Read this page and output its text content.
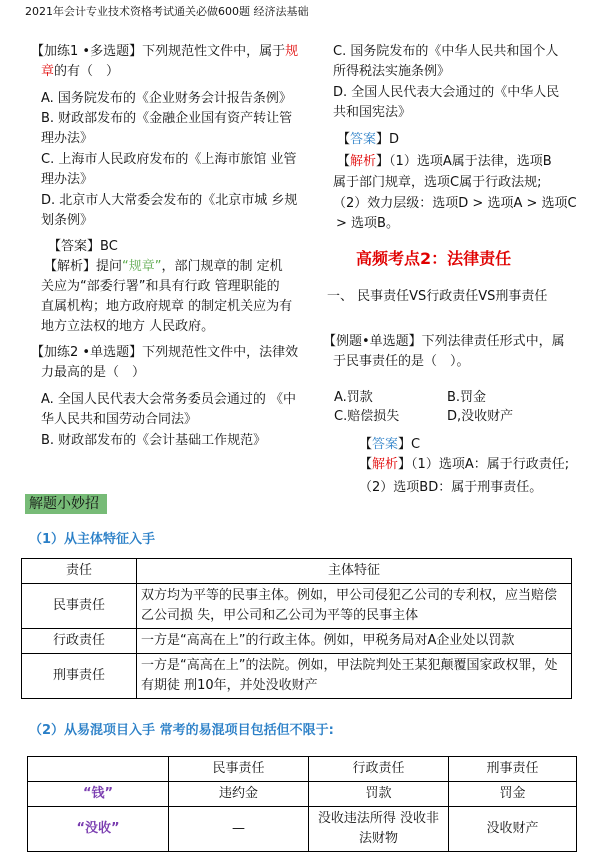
2021年会计专业技术资格考试通关必做600题 经济法基础
【加练1 •多选题】下列规范性文件中，属于规
章的有（　）
A. 国务院发布的《企业财务会计报告条例》
B. 财政部发布的《金融企业国有资产转让管
理办法》
C. 上海市人民政府发布的《上海市旅馆 业管
理办法》
D. 北京市人大常委会发布的《北京市城 乡规
划条例》
【答案】BC
【解析】提问“规章”，部门规章的制 定机
关应为“部委行署”和具有行政 管理职能的
直属机构；地方政府规章 的制定机关应为有
地方立法权的地方 人民政府。
【加练2 •单选题】下列规范性文件中，法律效
力最高的是（　）
A. 全国人民代表大会常务委员会通过的 《中
华人民共和国劳动合同法》
B. 财政部发布的《会计基础工作规范》
C. 国务院发布的《中华人民共和国个人
所得税法实施条例》
D. 全国人民代表大会通过的《中华人民
共和国宪法》
【答案】D
【解析】（1）选项A属于法律，选项B
属于部门规章，选项C属于行政法规;
（2）效力层级：选项D > 选项A > 选项C
> 选项B。
高频考点2：法律责任
一、 民事责任VS行政责任VS刑事责任
【例题•单选题】下列法律责任形式中，属
于民事责任的是（　）。
A.罚款	B.罚金
C.赔偿损失	D,没收财产
【答案】C
【解析】（1）选项A：属于行政责任;
（2）选项BD：属于刑事责任。
解题小妙招
（1）从主体特征入手
责任	主体特征
民事责任	双方均为平等的民事主体。例如，甲公司侵犯乙公司的专利权，应当赔偿乙公司损 失，甲公司和乙公司为平等的民事主体
行政责任	一方是“高高在上”的行政主体。例如，甲税务局对A企业处以罚款
刑事责任	一方是“高高在上”的法院。例如，甲法院判处王某犯颠覆国家政权罪，处有期徒 刑10年，并处没收财产
（2）从易混项目入手 常考的易混项目包括但不限于:
	民事责任	行政责任	刑事责任
“钱”	违约金	罚款	罚金
“没收”	—	没收违法所得 没收非法财物	没收财产
